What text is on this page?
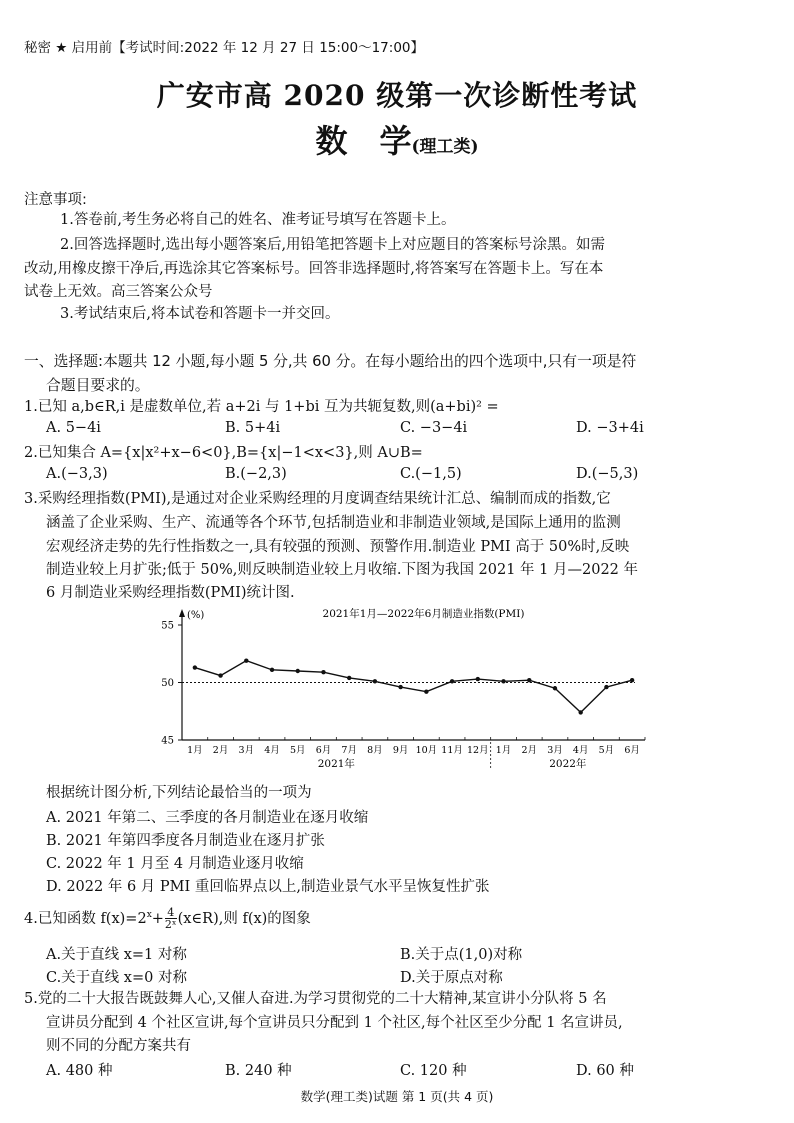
秘密 ★ 启用前【考试时间:2022 年 12 月 27 日 15:00～17:00】
广安市高 2020 级第一次诊断性考试
数 学(理工类)
注意事项:
1.答卷前,考生务必将自己的姓名、准考证号填写在答题卡上。
2.回答选择题时,选出每小题答案后,用铅笔把答题卡上对应题目的答案标号涂黑。如需
改动,用橡皮擦干净后,再选涂其它答案标号。回答非选择题时,将答案写在答题卡上。写在本
试卷上无效。高三答案公众号
3.考试结束后,将本试卷和答题卡一并交回。
一、选择题:本题共 12 小题,每小题 5 分,共 60 分。在每小题给出的四个选项中,只有一项是符
合题目要求的。
1.已知 a,b∈R,i 是虚数单位,若 a+2i 与 1+bi 互为共轭复数,则(a+bi)² =
A. 5−4i	B. 5+4i	C. −3−4i	D. −3+4i
2.已知集合 A={x|x²+x−6<0},B={x|−1<x<3},则 A∪B=
A.(−3,3)	B.(−2,3)	C.(−1,5)	D.(−5,3)
3.采购经理指数(PMI),是通过对企业采购经理的月度调查结果统计汇总、编制而成的指数,它
涵盖了企业采购、生产、流通等各个环节,包括制造业和非制造业领域,是国际上通用的监测
宏观经济走势的先行性指数之一,具有较强的预测、预警作用.制造业 PMI 高于 50%时,反映
制造业较上月扩张;低于 50%,则反映制造业较上月收缩.下图为我国 2021 年 1 月—2022 年
6 月制造业采购经理指数(PMI)统计图.
45
50
55
(%)	2021年1月—2022年6月制造业指数(PMI)
1月 2月 3月 4月 5月 6月 7月 8月 9月 10月 11月 12月 1月 2月 3月 4月 5月 6月
2021年	2022年
根据统计图分析,下列结论最恰当的一项为
A. 2021 年第二、三季度的各月制造业在逐月收缩
B. 2021 年第四季度各月制造业在逐月扩张
C. 2022 年 1 月至 4 月制造业逐月收缩
D. 2022 年 6 月 PMI 重回临界点以上,制造业景气水平呈恢复性扩张
4.已知函数 $f(x)=2^x+ \frac{4}{\text{2ˣ}}$ (x∈R),则 f(x)的图象
A.关于直线 x=1 对称	B.关于点(1,0)对称
C.关于直线 x=0 对称	D.关于原点对称
5.党的二十大报告既鼓舞人心,又催人奋进.为学习贯彻党的二十大精神,某宣讲小分队将 5 名
宣讲员分配到 4 个社区宣讲,每个宣讲员只分配到 1 个社区,每个社区至少分配 1 名宣讲员,
则不同的分配方案共有
A. 480 种	B. 240 种	C. 120 种	D. 60 种
数学(理工类)试题 第 1 页(共 4 页)
